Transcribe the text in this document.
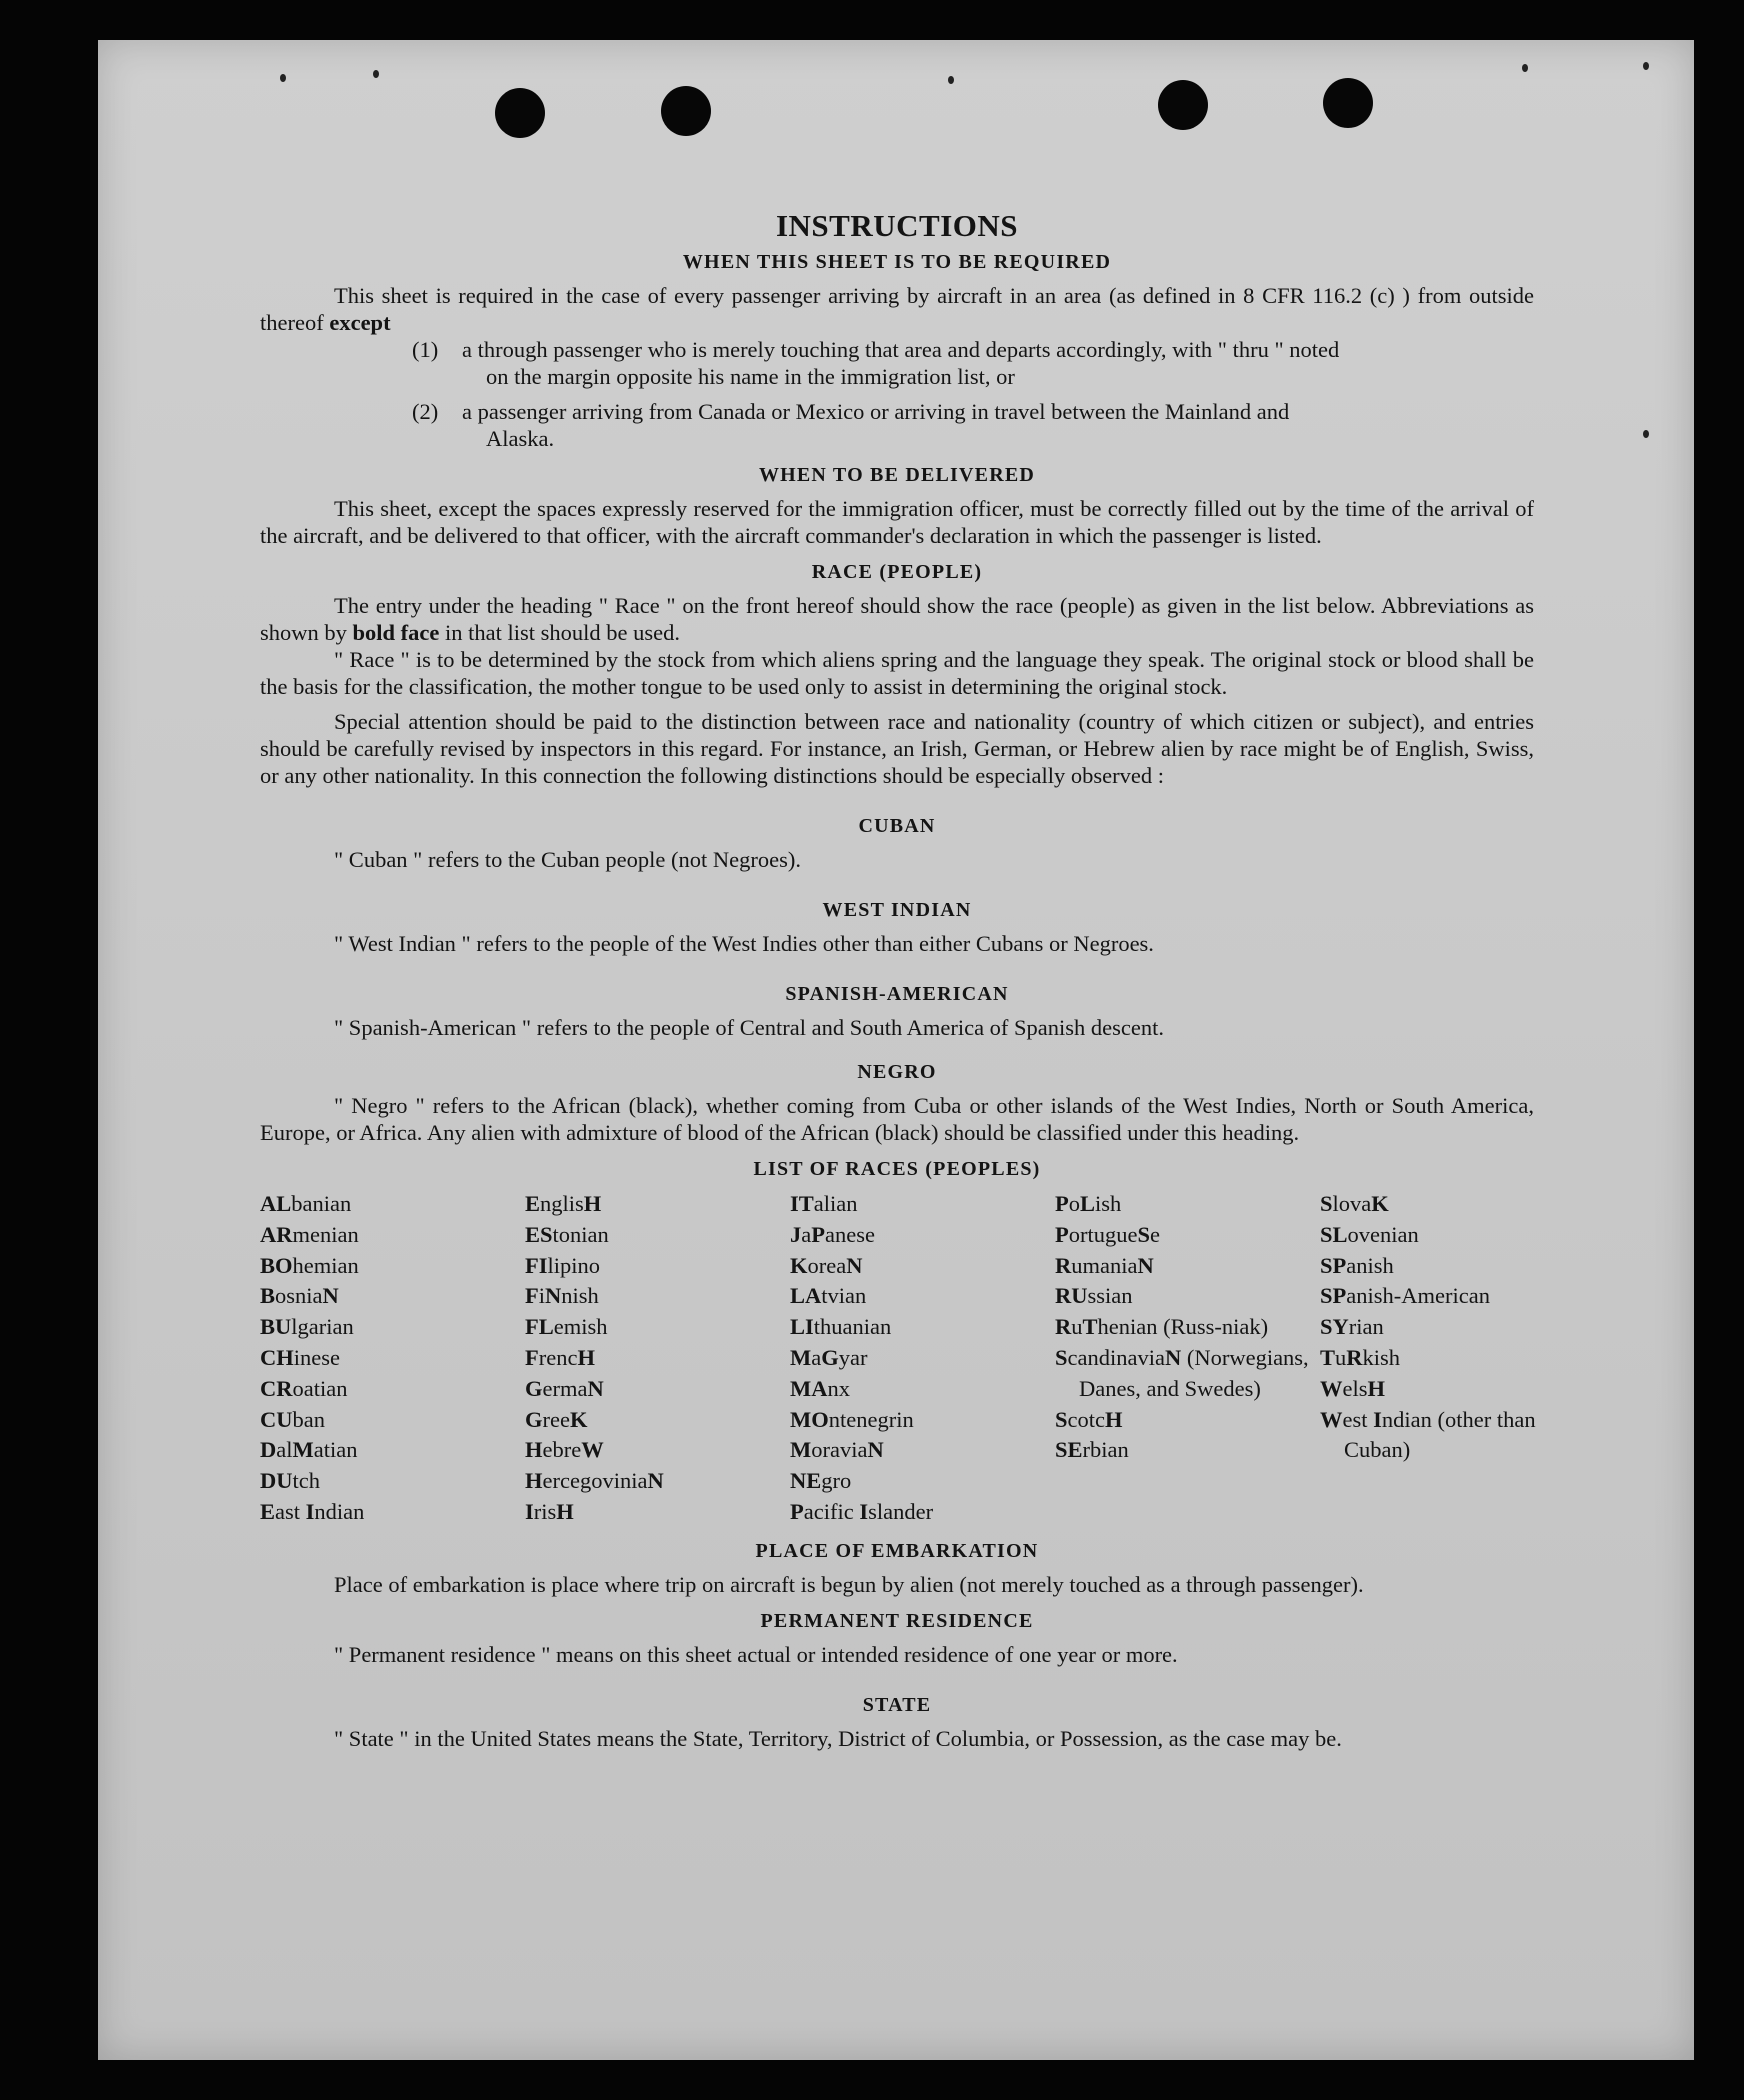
INSTRUCTIONS
WHEN THIS SHEET IS TO BE REQUIRED

This sheet is required in the case of every passenger arriving by aircraft in an area (as defined in 8 CFR 116.2 (c) ) from outside thereof except

(1)	a through passenger who is merely touching that area and departs accordingly, with " thru " noted
on the margin opposite his name in the immigration list, or
(2)	a passenger arriving from Canada or Mexico or arriving in travel between the Mainland and
Alaska.
WHEN TO BE DELIVERED

This sheet, except the spaces expressly reserved for the immigration officer, must be correctly filled out by the time of the arrival of the aircraft, and be delivered to that officer, with the aircraft commander's declaration in which the passenger is listed.

RACE (PEOPLE)

The entry under the heading " Race " on the front hereof should show the race (people) as given in the list below. Abbreviations as shown by bold face in that list should be used.

" Race " is to be determined by the stock from which aliens spring and the language they speak. The original stock or blood shall be the basis for the classification, the mother tongue to be used only to assist in determining the original stock.

Special attention should be paid to the distinction between race and nationality (country of which citizen or subject), and entries should be carefully revised by inspectors in this regard. For instance, an Irish, German, or Hebrew alien by race might be of English, Swiss, or any other nationality. In this connection the following distinctions should be especially observed :

CUBAN

" Cuban " refers to the Cuban people (not Negroes).

WEST INDIAN

" West Indian " refers to the people of the West Indies other than either Cubans or Negroes.

SPANISH-AMERICAN

" Spanish-American " refers to the people of Central and South America of Spanish descent.

NEGRO

" Negro " refers to the African (black), whether coming from Cuba or other islands of the West Indies, North or South America, Europe, or Africa. Any alien with admixture of blood of the African (black) should be classified under this heading.

LIST OF RACES (PEOPLES)
ALbanian
ARmenian
BOhemian
BosniaN
BUlgarian
CHinese
CRoatian
CUban
DalMatian
DUtch
East Indian
EnglisH
EStonian
FIlipino
FiNnish
FLemish
FrencH
GermaN
GreeK
HebreW
HercegoviniaN
IrisH
ITalian
JaPanese
KoreaN
LAtvian
LIthuanian
MaGyar
MAnx
MOntenegrin
MoraviaN
NEgro
Pacific Islander
PoLish
PortugueSe
RumaniaN
RUssian
RuThenian (Russ-niak)
ScandinaviaN (Norwegians, Danes, and Swedes)
ScotcH
SErbian
SlovaK
SLovenian
SPanish
SPanish-American
SYrian
TuRkish
WelsH
West Indian (other than Cuban)
PLACE OF EMBARKATION

Place of embarkation is place where trip on aircraft is begun by alien (not merely touched as a through passenger).

PERMANENT RESIDENCE

" Permanent residence " means on this sheet actual or intended residence of one year or more.

STATE

" State " in the United States means the State, Territory, District of Columbia, or Possession, as the case may be.
